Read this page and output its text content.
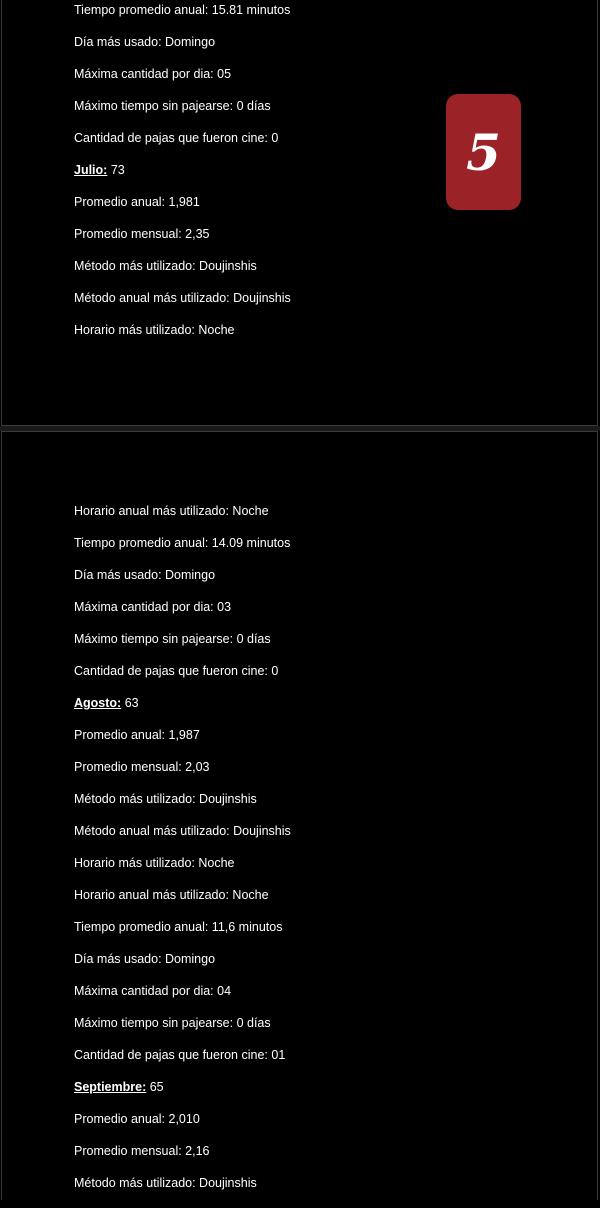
Tiempo promedio anual: 15.81 minutos
Día más usado: Domingo
Máxima cantidad por dia: 05
Máximo tiempo sin pajearse: 0 días
Cantidad de pajas que fueron cine: 0
Julio: 73
Promedio anual: 1,981
Promedio mensual: 2,35
Método más utilizado: Doujinshis
Método anual más utilizado: Doujinshis
Horario más utilizado: Noche
5
Horario anual más utilizado: Noche
Tiempo promedio anual: 14.09 minutos
Día más usado: Domingo
Máxima cantidad por dia: 03
Máximo tiempo sin pajearse: 0 días
Cantidad de pajas que fueron cine: 0
Agosto: 63
Promedio anual: 1,987
Promedio mensual: 2,03
Método más utilizado: Doujinshis
Método anual más utilizado: Doujinshis
Horario más utilizado: Noche
Horario anual más utilizado: Noche
Tiempo promedio anual: 11,6 minutos
Día más usado: Domingo
Máxima cantidad por dia: 04
Máximo tiempo sin pajearse: 0 días
Cantidad de pajas que fueron cine: 01
Septiembre: 65
Promedio anual: 2,010
Promedio mensual: 2,16
Método más utilizado: Doujinshis
